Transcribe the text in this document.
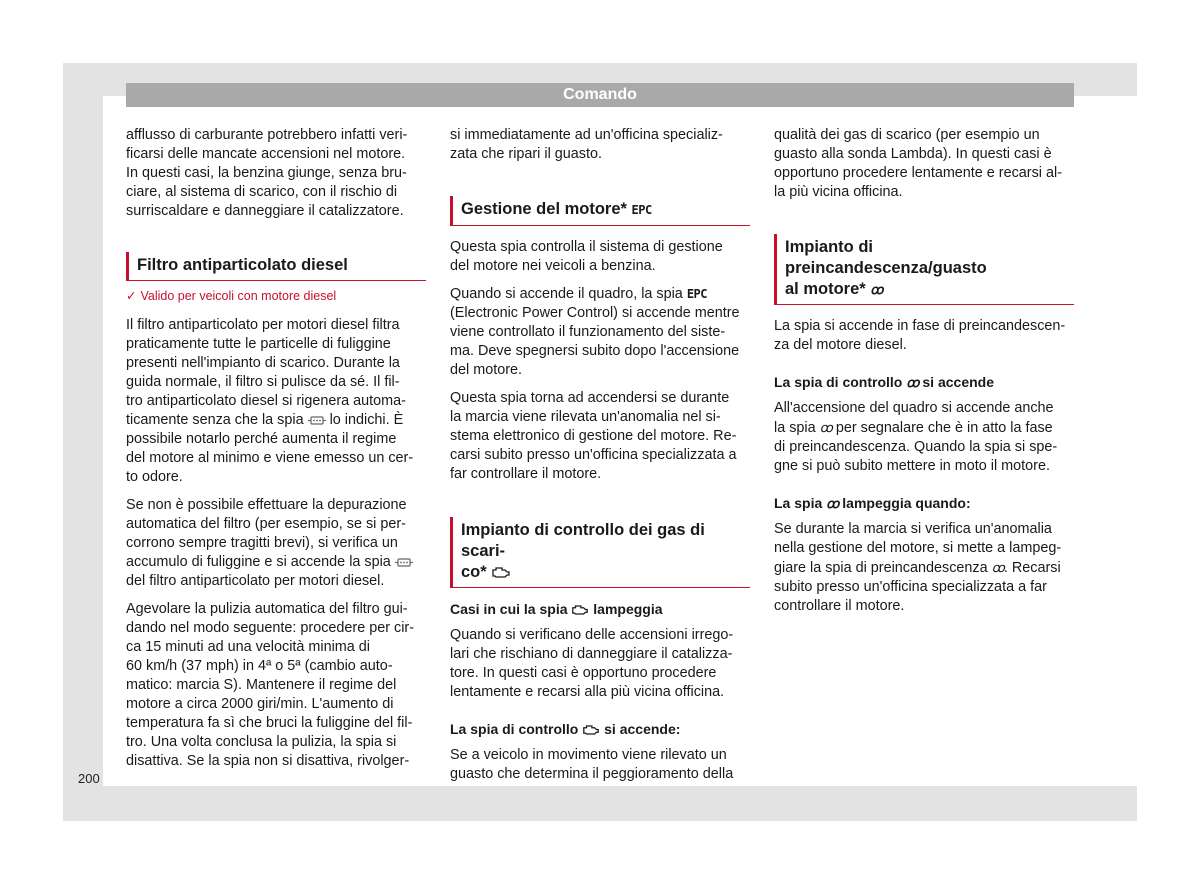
Comando

afflusso di carburante potrebbero infatti veri-
ficarsi delle mancate accensioni nel motore.
In questi casi, la benzina giunge, senza bru-
ciare, al sistema di scarico, con il rischio di
surriscaldare e danneggiare il catalizzatore.

Filtro antiparticolato diesel
✓ Valido per veicoli con motore diesel

Il filtro antiparticolato per motori diesel filtra
praticamente tutte le particelle di fuliggine
presenti nell'impianto di scarico. Durante la
guida normale, il filtro si pulisce da sé. Il fil-
tro antiparticolato diesel si rigenera automa-
ticamente senza che la spia lo indichi. È
possibile notarlo perché aumenta il regime
del motore al minimo e viene emesso un cer-
to odore.

Se non è possibile effettuare la depurazione
automatica del filtro (per esempio, se si per-
corrono sempre tragitti brevi), si verifica un
accumulo di fuliggine e si accende la spia
del filtro antiparticolato per motori diesel.

Agevolare la pulizia automatica del filtro gui-
dando nel modo seguente: procedere per cir-
ca 15 minuti ad una velocità minima di
60 km/h (37 mph) in 4ª o 5ª (cambio auto-
matico: marcia S). Mantenere il regime del
motore a circa 2000 giri/min. L'aumento di
temperatura fa sì che bruci la fuliggine del fil-
tro. Una volta conclusa la pulizia, la spia si
disattiva. Se la spia non si disattiva, rivolger-

si immediatamente ad un'officina specializ-
zata che ripari il guasto.

Gestione del motore* EPC

Questa spia controlla il sistema di gestione
del motore nei veicoli a benzina.

Quando si accende il quadro, la spia EPC
(Electronic Power Control) si accende mentre
viene controllato il funzionamento del siste-
ma. Deve spegnersi subito dopo l'accensione
del motore.

Questa spia torna ad accendersi se durante
la marcia viene rilevata un'anomalia nel si-
stema elettronico di gestione del motore. Re-
carsi subito presso un'officina specializzata a
far controllare il motore.

Impianto di controllo dei gas di scari-
co*
Casi in cui la spia lampeggia

Quando si verificano delle accensioni irrego-
lari che rischiano di danneggiare il catalizza-
tore. In questi casi è opportuno procedere
lentamente e recarsi alla più vicina officina.

La spia di controllo si accende:

Se a veicolo in movimento viene rilevato un
guasto che determina il peggioramento della

qualità dei gas di scarico (per esempio un
guasto alla sonda Lambda). In questi casi è
opportuno procedere lentamente e recarsi al-
la più vicina officina.

Impianto di preincandescenza/guasto
al motore* ꝏ

La spia si accende in fase di preincandescen-
za del motore diesel.

La spia di controllo ꝏ si accende

All'accensione del quadro si accende anche
la spia ꝏ per segnalare che è in atto la fase
di preincandescenza. Quando la spia si spe-
gne si può subito mettere in moto il motore.

La spia ꝏ lampeggia quando:

Se durante la marcia si verifica un'anomalia
nella gestione del motore, si mette a lampeg-
giare la spia di preincandescenza ꝏ. Recarsi
subito presso un'officina specializzata a far
controllare il motore.

200
